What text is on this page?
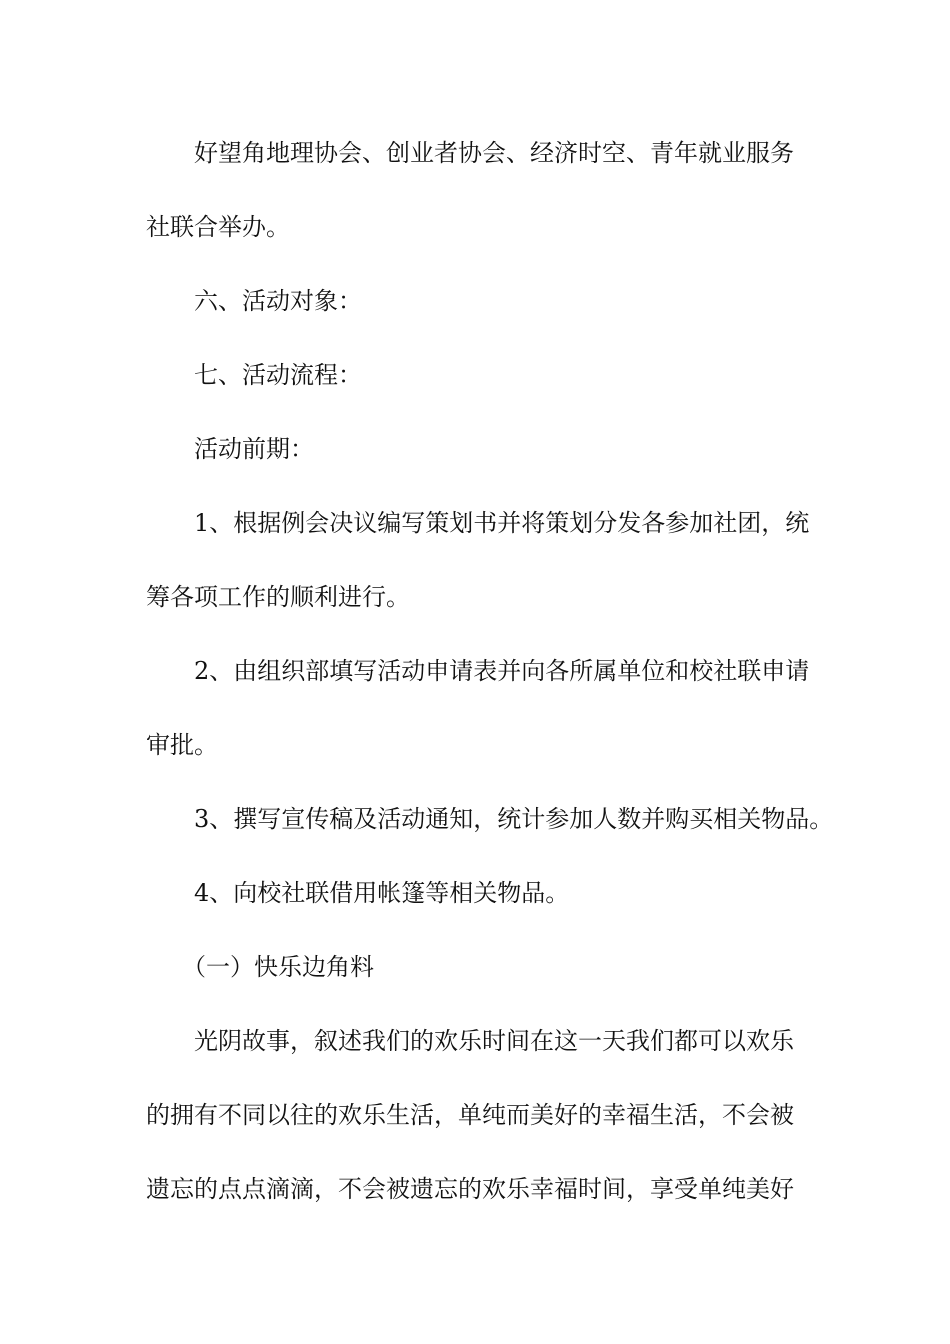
好望角地理协会、创业者协会、经济时空、青年就业服务
社联合举办。
六、活动对象：
七、活动流程：
活动前期：
1、根据例会决议编写策划书并将策划分发各参加社团，统
筹各项工作的顺利进行。
2、由组织部填写活动申请表并向各所属单位和校社联申请
审批。
3、撰写宣传稿及活动通知，统计参加人数并购买相关物品。
4、向校社联借用帐篷等相关物品。
（一）快乐边角料
光阴故事，叙述我们的欢乐时间在这一天我们都可以欢乐
的拥有不同以往的欢乐生活，单纯而美好的幸福生活，不会被
遗忘的点点滴滴，不会被遗忘的欢乐幸福时间，享受单纯美好
